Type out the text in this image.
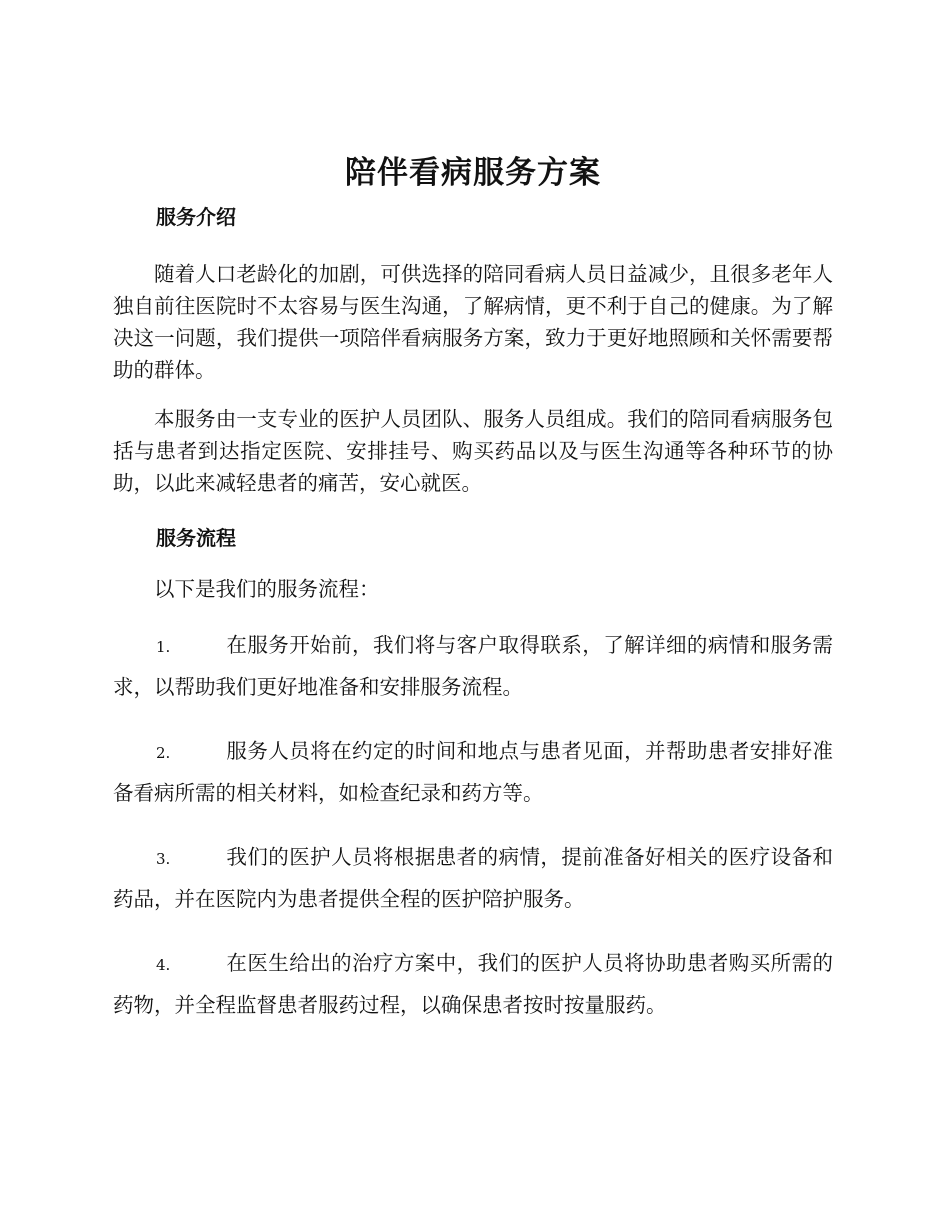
陪伴看病服务方案
服务介绍

随着人口老龄化的加剧，可供选择的陪同看病人员日益减少，且很多老年人独自前往医院时不太容易与医生沟通，了解病情，更不利于自己的健康。为了解决这一问题，我们提供一项陪伴看病服务方案，致力于更好地照顾和关怀需要帮助的群体。

本服务由一支专业的医护人员团队、服务人员组成。我们的陪同看病服务包括与患者到达指定医院、安排挂号、购买药品以及与医生沟通等各种环节的协助，以此来减轻患者的痛苦，安心就医。

服务流程

以下是我们的服务流程：

1.	在服务开始前，我们将与客户取得联系，了解详细的病情和服务需求，以帮助我们更好地准备和安排服务流程。

2.	服务人员将在约定的时间和地点与患者见面，并帮助患者安排好准备看病所需的相关材料，如检查纪录和药方等。

3.	我们的医护人员将根据患者的病情，提前准备好相关的医疗设备和药品，并在医院内为患者提供全程的医护陪护服务。

4.	在医生给出的治疗方案中，我们的医护人员将协助患者购买所需的药物，并全程监督患者服药过程，以确保患者按时按量服药。
